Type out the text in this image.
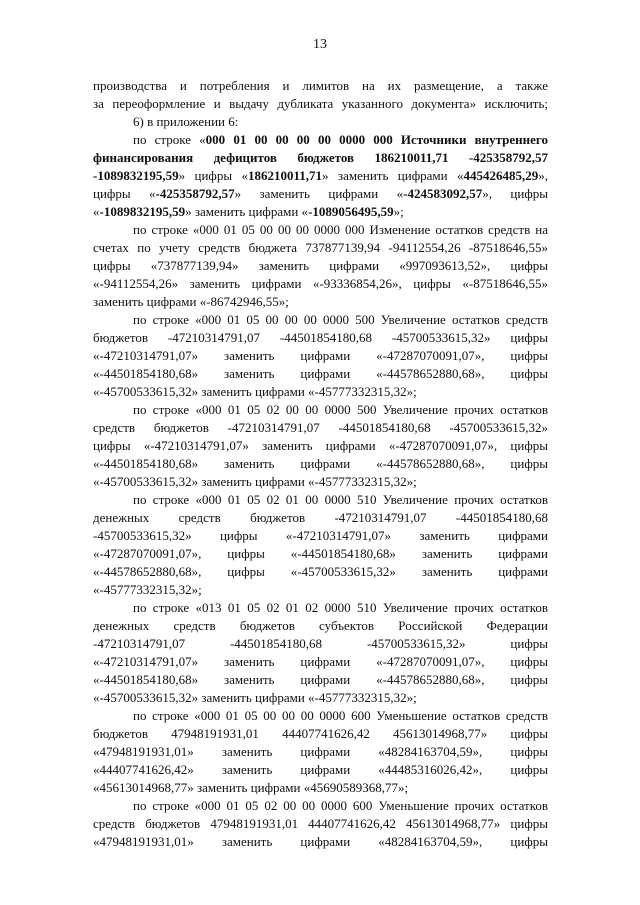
13
производства и потребления и лимитов на их размещение, а также
за переоформление и выдачу дубликата указанного документа» исключить;
6) в приложении 6:
по строке «000 01 00 00 00 00 0000 000 Источники внутреннего
финансирования дефицитов бюджетов 186210011,71 -425358792,57
-1089832195,59» цифры «186210011,71» заменить цифрами «445426485,29»,
цифры «-425358792,57» заменить цифрами «-424583092,57», цифры
«-1089832195,59» заменить цифрами «-1089056495,59»;
по строке «000 01 05 00 00 00 0000 000 Изменение остатков средств на
счетах по учету средств бюджета 737877139,94 -94112554,26 -87518646,55»
цифры «737877139,94» заменить цифрами «997093613,52», цифры
«-94112554,26» заменить цифрами «-93336854,26», цифры «-87518646,55»
заменить цифрами «-86742946,55»;
по строке «000 01 05 00 00 00 0000 500 Увеличение остатков средств
бюджетов -47210314791,07 -44501854180,68 -45700533615,32» цифры
«-47210314791,07» заменить цифрами «-47287070091,07», цифры
«-44501854180,68» заменить цифрами «-44578652880,68», цифры
«-45700533615,32» заменить цифрами «-45777332315,32»;
по строке «000 01 05 02 00 00 0000 500 Увеличение прочих остатков
средств бюджетов -47210314791,07 -44501854180,68 -45700533615,32»
цифры «-47210314791,07» заменить цифрами «-47287070091,07», цифры
«-44501854180,68» заменить цифрами «-44578652880,68», цифры
«-45700533615,32» заменить цифрами «-45777332315,32»;
по строке «000 01 05 02 01 00 0000 510 Увеличение прочих остатков
денежных средств бюджетов -47210314791,07 -44501854180,68
-45700533615,32» цифры «-47210314791,07» заменить цифрами
«-47287070091,07», цифры «-44501854180,68» заменить цифрами
«-44578652880,68», цифры «-45700533615,32» заменить цифрами
«-45777332315,32»;
по строке «013 01 05 02 01 02 0000 510 Увеличение прочих остатков
денежных средств бюджетов субъектов Российской Федерации
-47210314791,07 -44501854180,68 -45700533615,32» цифры
«-47210314791,07» заменить цифрами «-47287070091,07», цифры
«-44501854180,68» заменить цифрами «-44578652880,68», цифры
«-45700533615,32» заменить цифрами «-45777332315,32»;
по строке «000 01 05 00 00 00 0000 600 Уменьшение остатков средств
бюджетов 47948191931,01 44407741626,42 45613014968,77» цифры
«47948191931,01» заменить цифрами «48284163704,59», цифры
«44407741626,42» заменить цифрами «44485316026,42», цифры
«45613014968,77» заменить цифрами «45690589368,77»;
по строке «000 01 05 02 00 00 0000 600 Уменьшение прочих остатков
средств бюджетов 47948191931,01 44407741626,42 45613014968,77» цифры
«47948191931,01» заменить цифрами «48284163704,59», цифры
